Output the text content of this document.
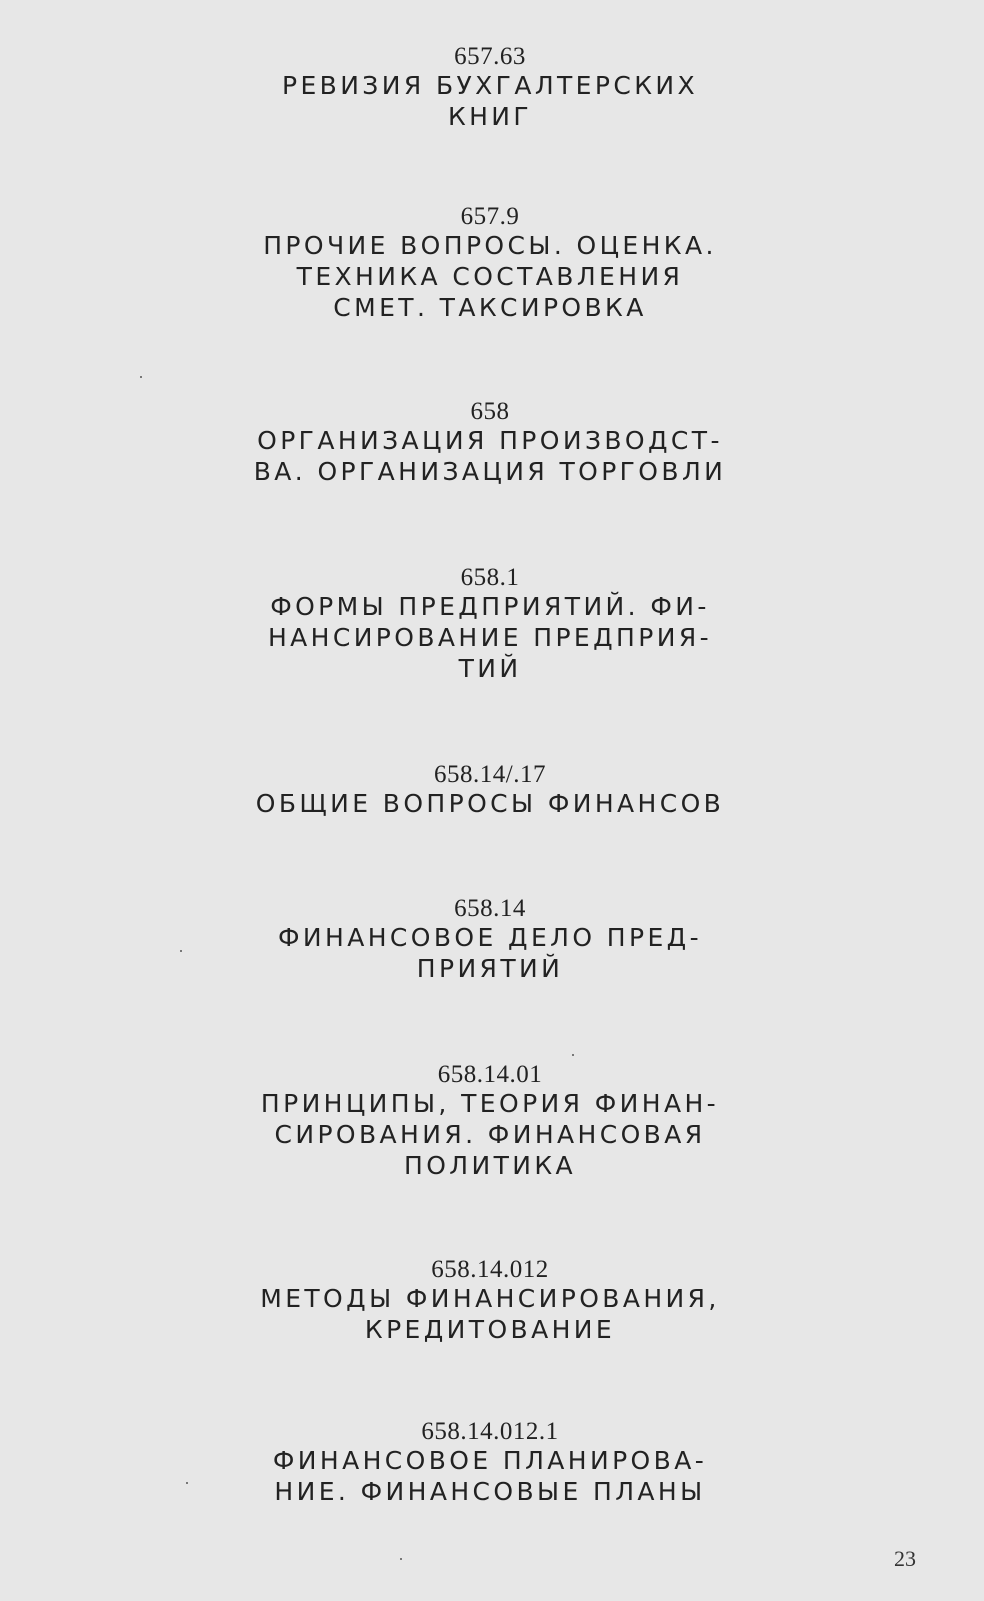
657.63
РЕВИЗИЯ БУХГАЛТЕРСКИХ
КНИГ
657.9
ПРОЧИЕ ВОПРОСЫ. ОЦЕНКА.
ТЕХНИКА СОСТАВЛЕНИЯ
СМЕТ. ТАКСИРОВКА
658
ОРГАНИЗАЦИЯ ПРОИЗВОДСТ-
ВА. ОРГАНИЗАЦИЯ ТОРГОВЛИ
658.1
ФОРМЫ ПРЕДПРИЯТИЙ. ФИ-
НАНСИРОВАНИЕ ПРЕДПРИЯ-
ТИЙ
658.14/.17
ОБЩИЕ ВОПРОСЫ ФИНАНСОВ
658.14
ФИНАНСОВОЕ ДЕЛО ПРЕД-
ПРИЯТИЙ
658.14.01
ПРИНЦИПЫ, ТЕОРИЯ ФИНАН-
СИРОВАНИЯ. ФИНАНСОВАЯ
ПОЛИТИКА
658.14.012
МЕТОДЫ ФИНАНСИРОВАНИЯ,
КРЕДИТОВАНИЕ
658.14.012.1
ФИНАНСОВОЕ ПЛАНИРОВА-
НИЕ. ФИНАНСОВЫЕ ПЛАНЫ
23
